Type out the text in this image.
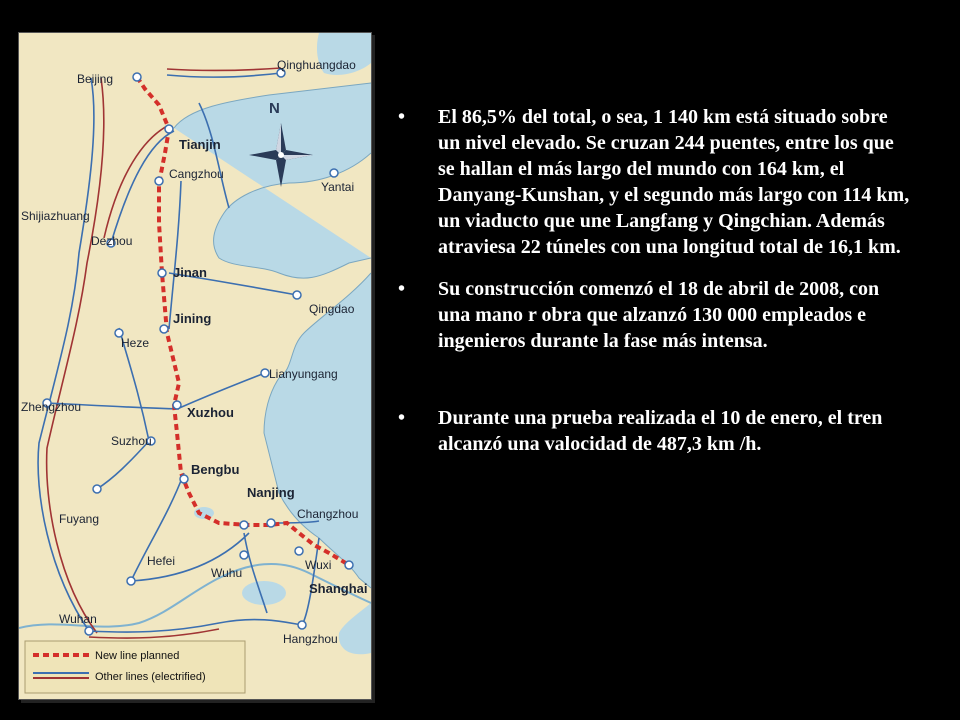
N
Beijing
Qinghuangdao
Tianjin
Cangzhou
Yantai
Shijiazhuang
Dezhou
Jinan
Qingdao
Jining
Heze
Lianyungang
Zhengzhou	Xuzhou
Suzhou
Bengbu
Fuyang
Nanjing
Changzhou
Hefei	Wuxi
Wuhu
Shanghai
Wuhan
Hangzhou
New line planned
Other lines (electrified)

•	El 86,5% del total, o sea, 1 140 km está situado sobre un nivel elevado. Se cruzan 244 puentes, entre los que se hallan el más largo del mundo con 164 km, el Danyang-Kunshan, y el segundo más largo con 114 km, un viaducto que une Langfang y Qingchian. Además atraviesa 22 túneles con una longitud total de 16,1 km.

•	Su construcción comenzó el 18 de abril de 2008, con una mano r obra que alzanzó 130 000 empleados e ingenieros durante la fase más intensa.

•	Durante una prueba realizada el 10 de enero, el tren alcanzó una valocidad de 487,3 km /h.
